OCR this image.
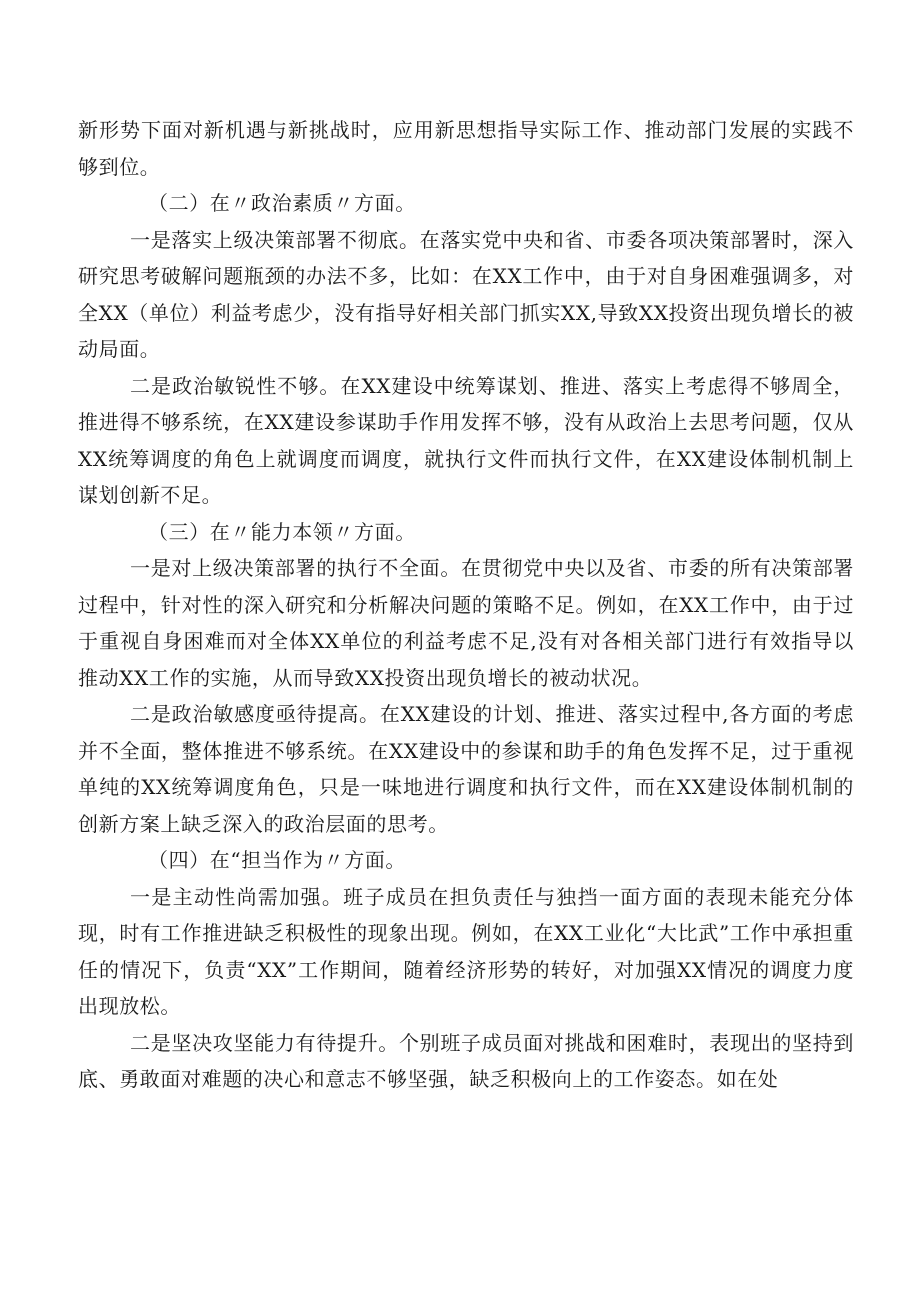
新形势下面对新机遇与新挑战时，应用新思想指导实际工作、推动部门发展的实践不够到位。

（二）在〃政治素质〃方面。

一是落实上级决策部署不彻底。在落实党中央和省、市委各项决策部署时，深入研究思考破解问题瓶颈的办法不多，比如：在XX工作中，由于对自身困难强调多，对全XX（单位）利益考虑少，没有指导好相关部门抓实XX,导致XX投资出现负增长的被动局面。

二是政治敏锐性不够。在XX建设中统筹谋划、推进、落实上考虑得不够周全，推进得不够系统，在XX建设参谋助手作用发挥不够，没有从政治上去思考问题，仅从XX统筹调度的角色上就调度而调度，就执行文件而执行文件，在XX建设体制机制上谋划创新不足。

（三）在〃能力本领〃方面。

一是对上级决策部署的执行不全面。在贯彻党中央以及省、市委的所有决策部署过程中，针对性的深入研究和分析解决问题的策略不足。例如，在XX工作中，由于过于重视自身困难而对全体XX单位的利益考虑不足,没有对各相关部门进行有效指导以推动XX工作的实施，从而导致XX投资出现负增长的被动状况。

二是政治敏感度亟待提高。在XX建设的计划、推进、落实过程中,各方面的考虑并不全面，整体推进不够系统。在XX建设中的参谋和助手的角色发挥不足，过于重视单纯的XX统筹调度角色，只是一味地进行调度和执行文件，而在XX建设体制机制的创新方案上缺乏深入的政治层面的思考。

（四）在“担当作为〃方面。

一是主动性尚需加强。班子成员在担负责任与独挡一面方面的表现未能充分体现，时有工作推进缺乏积极性的现象出现。例如，在XX工业化“大比武”工作中承担重任的情况下，负责“XX”工作期间，随着经济形势的转好，对加强XX情况的调度力度出现放松。

二是坚决攻坚能力有待提升。个别班子成员面对挑战和困难时，表现出的坚持到底、勇敢面对难题的决心和意志不够坚强，缺乏积极向上的工作姿态。如在处
